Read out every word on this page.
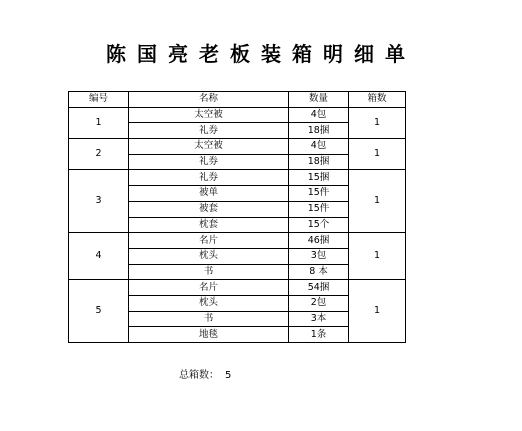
陈国亮老板装箱明细单
编号	名称	数量	箱数
1	太空被	4包	1
	礼券	18捆	
2	太空被	4包	1
	礼券	18捆	
3	礼券	15捆	1
	被单	15件	
	被套	15件	
	枕套	15个	
4	名片	46捆	1
	枕头	3包	
	书	8 本	
5	名片	54捆	1
	枕头	2包	
	书	3本	
	地毯	1条	
总箱数： 5
